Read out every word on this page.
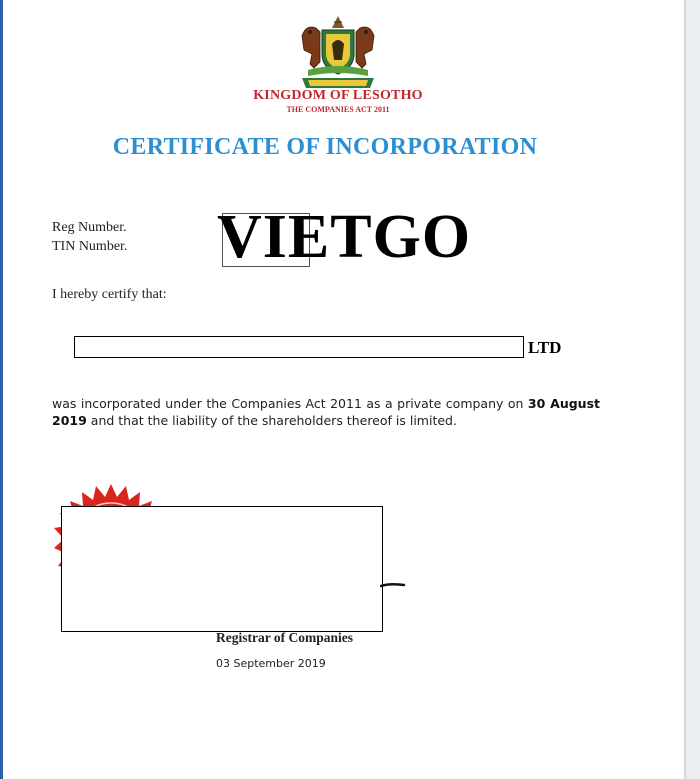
KINGDOM OF LESOTHO
THE COMPANIES ACT 2011
CERTIFICATE OF INCORPORATION
Reg Number.
TIN Number. VIETGO
I hereby certify that:
LTD
was incorporated under the Companies Act 2011 as a private company on 30 August 2019 and that the liability of the shareholders thereof is limited.
Registrar of Companies
03 September 2019
